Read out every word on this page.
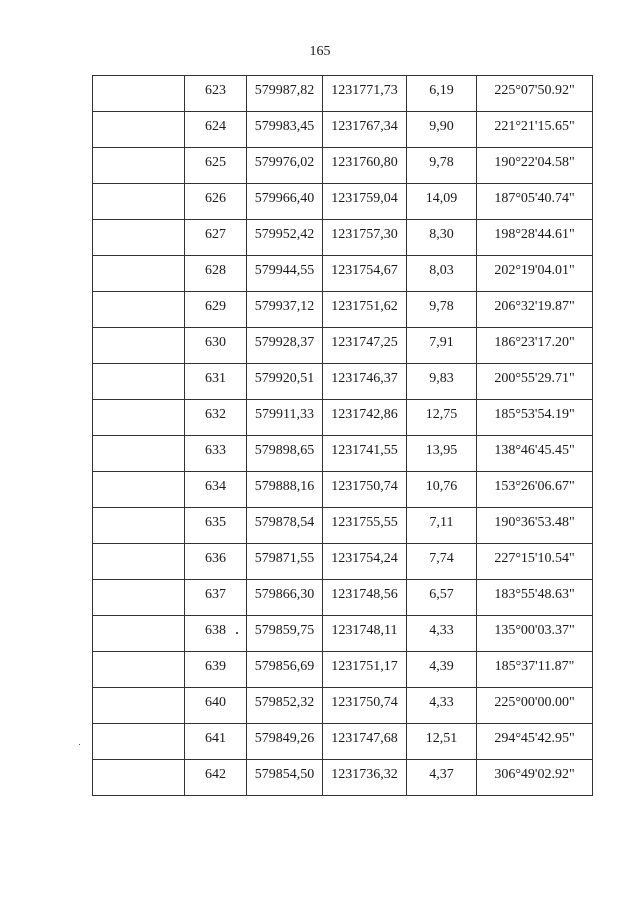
165
	623	579987,82	1231771,73	6,19	225°07'50.92"
	624	579983,45	1231767,34	9,90	221°21'15.65"
	625	579976,02	1231760,80	9,78	190°22'04.58"
	626	579966,40	1231759,04	14,09	187°05'40.74"
	627	579952,42	1231757,30	8,30	198°28'44.61"
	628	579944,55	1231754,67	8,03	202°19'04.01"
	629	579937,12	1231751,62	9,78	206°32'19.87"
	630	579928,37	1231747,25	7,91	186°23'17.20"
	631	579920,51	1231746,37	9,83	200°55'29.71"
	632	579911,33	1231742,86	12,75	185°53'54.19"
	633	579898,65	1231741,55	13,95	138°46'45.45"
	634	579888,16	1231750,74	10,76	153°26'06.67"
	635	579878,54	1231755,55	7,11	190°36'53.48"
	636	579871,55	1231754,24	7,74	227°15'10.54"
	637	579866,30	1231748,56	6,57	183°55'48.63"
	638	579859,75	1231748,11	4,33	135°00'03.37"
	639	579856,69	1231751,17	4,39	185°37'11.87"
	640	579852,32	1231750,74	4,33	225°00'00.00"
	641	579849,26	1231747,68	12,51	294°45'42.95"
	642	579854,50	1231736,32	4,37	306°49'02.92"
